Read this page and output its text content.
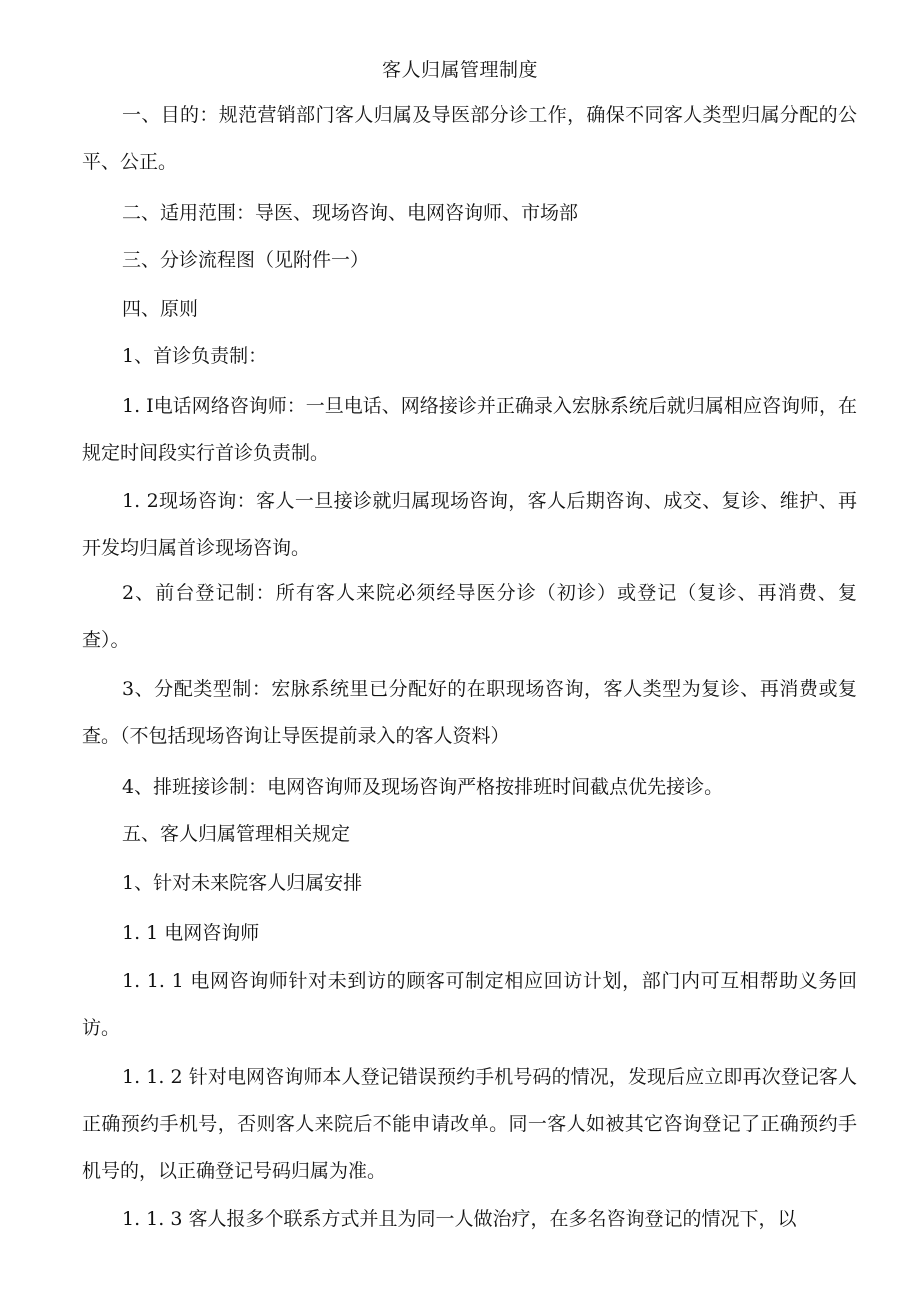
客人归属管理制度
一、目的：规范营销部门客人归属及导医部分诊工作，确保不同客人类型归属分配的公平、公正。
二、适用范围：导医、现场咨询、电网咨询师、市场部
三、分诊流程图（见附件一）
四、原则
1、首诊负责制：
1. I电话网络咨询师：一旦电话、网络接诊并正确录入宏脉系统后就归属相应咨询师，在规定时间段实行首诊负责制。
1. 2现场咨询：客人一旦接诊就归属现场咨询，客人后期咨询、成交、复诊、维护、再开发均归属首诊现场咨询。
2、前台登记制：所有客人来院必须经导医分诊（初诊）或登记（复诊、再消费、复查）。
3、分配类型制：宏脉系统里已分配好的在职现场咨询，客人类型为复诊、再消费或复查。（不包括现场咨询让导医提前录入的客人资料）
4、排班接诊制：电网咨询师及现场咨询严格按排班时间截点优先接诊。
五、客人归属管理相关规定
1、针对未来院客人归属安排
1. 1 电网咨询师
1. 1. 1 电网咨询师针对未到访的顾客可制定相应回访计划，部门内可互相帮助义务回访。
1. 1. 2 针对电网咨询师本人登记错误预约手机号码的情况，发现后应立即再次登记客人正确预约手机号，否则客人来院后不能申请改单。同一客人如被其它咨询登记了正确预约手机号的，以正确登记号码归属为准。
1. 1. 3 客人报多个联系方式并且为同一人做治疗，在多名咨询登记的情况下，以
